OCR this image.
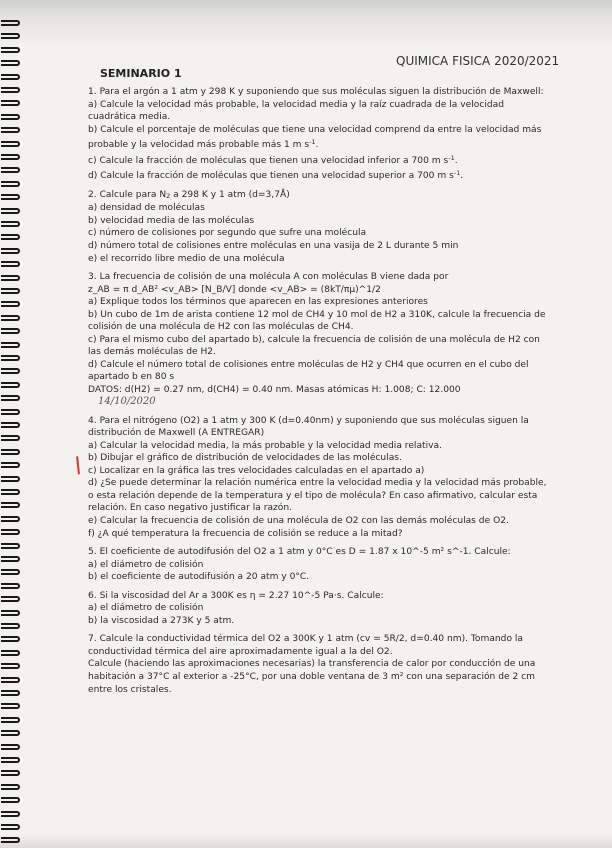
QUIMICA FISICA 2020/2021
SEMINARIO 1
1. Para el argón a 1 atm y 298 K y suponiendo que sus moléculas siguen la distribución de Maxwell:
a) Calcule la velocidad más probable, la velocidad media y la raíz cuadrada de la velocidad
cuadrática media.
b) Calcule el porcentaje de moléculas que tiene una velocidad comprend da entre la velocidad más
probable y la velocidad más probable más 1 m $s^{-1}$.
c) Calcule la fracción de moléculas que tienen una velocidad inferior a 700 m $s^{-1}$.
d) Calcule la fracción de moléculas que tienen una velocidad superior a 700 m $s^{-1}$.
2. Calcule para N2 a 298 K y 1 atm (d=3,7Å)
a) densidad de moléculas
b) velocidad media de las moléculas
c) número de colisiones por segundo que sufre una molécula
d) número total de colisiones entre moléculas en una vasija de 2 L durante 5 min
e) el recorrido libre medio de una molécula
3. La frecuencia de colisión de una molécula A con moléculas B viene dada por
z_AB = π d_AB² <v_AB> [N_B/V] donde <v_AB> = (8kT/πμ)^1/2
a) Explique todos los términos que aparecen en las expresiones anteriores
b) Un cubo de 1m de arista contiene 12 mol de CH4 y 10 mol de H2 a 310K, calcule la frecuencia de
colisión de una molécula de H2 con las moléculas de CH4.
c) Para el mismo cubo del apartado b), calcule la frecuencia de colisión de una molécula de H2 con
las demás moléculas de H2.
d) Calcule el número total de colisiones entre moléculas de H2 y CH4 que ocurren en el cubo del
apartado b en 80 s
DATOS: d(H2) = 0.27 nm, d(CH4) = 0.40 nm. Masas atómicas H: 1.008; C: 12.000
14/10/2020
4. Para el nitrógeno (O2) a 1 atm y 300 K (d=0.40nm) y suponiendo que sus moléculas siguen la
distribución de Maxwell (A ENTREGAR)
a) Calcular la velocidad media, la más probable y la velocidad media relativa.
b) Dibujar el gráfico de distribución de velocidades de las moléculas.
c) Localizar en la gráfica las tres velocidades calculadas en el apartado a)
d) ¿Se puede determinar la relación numérica entre la velocidad media y la velocidad más probable,
o esta relación depende de la temperatura y el tipo de molécula? En caso afirmativo, calcular esta
relación. En caso negativo justificar la razón.
e) Calcular la frecuencia de colisión de una molécula de O2 con las demás moléculas de O2.
f) ¿A qué temperatura la frecuencia de colisión se reduce a la mitad?
5. El coeficiente de autodifusión del O2 a 1 atm y 0°C es D = 1.87 x 10^-5 m² s^-1. Calcule:
a) el diámetro de colisión
b) el coeficiente de autodifusión a 20 atm y 0°C.
6. Si la viscosidad del Ar a 300K es η = 2.27 10^-5 Pa·s. Calcule:
a) el diámetro de colisión
b) la viscosidad a 273K y 5 atm.
7. Calcule la conductividad térmica del O2 a 300K y 1 atm (cv = 5R/2, d=0.40 nm). Tomando la
conductividad térmica del aire aproximadamente igual a la del O2.
Calcule (haciendo las aproximaciones necesarias) la transferencia de calor por conducción de una
habitación a 37°C al exterior a -25°C, por una doble ventana de 3 m² con una separación de 2 cm
entre los cristales.
